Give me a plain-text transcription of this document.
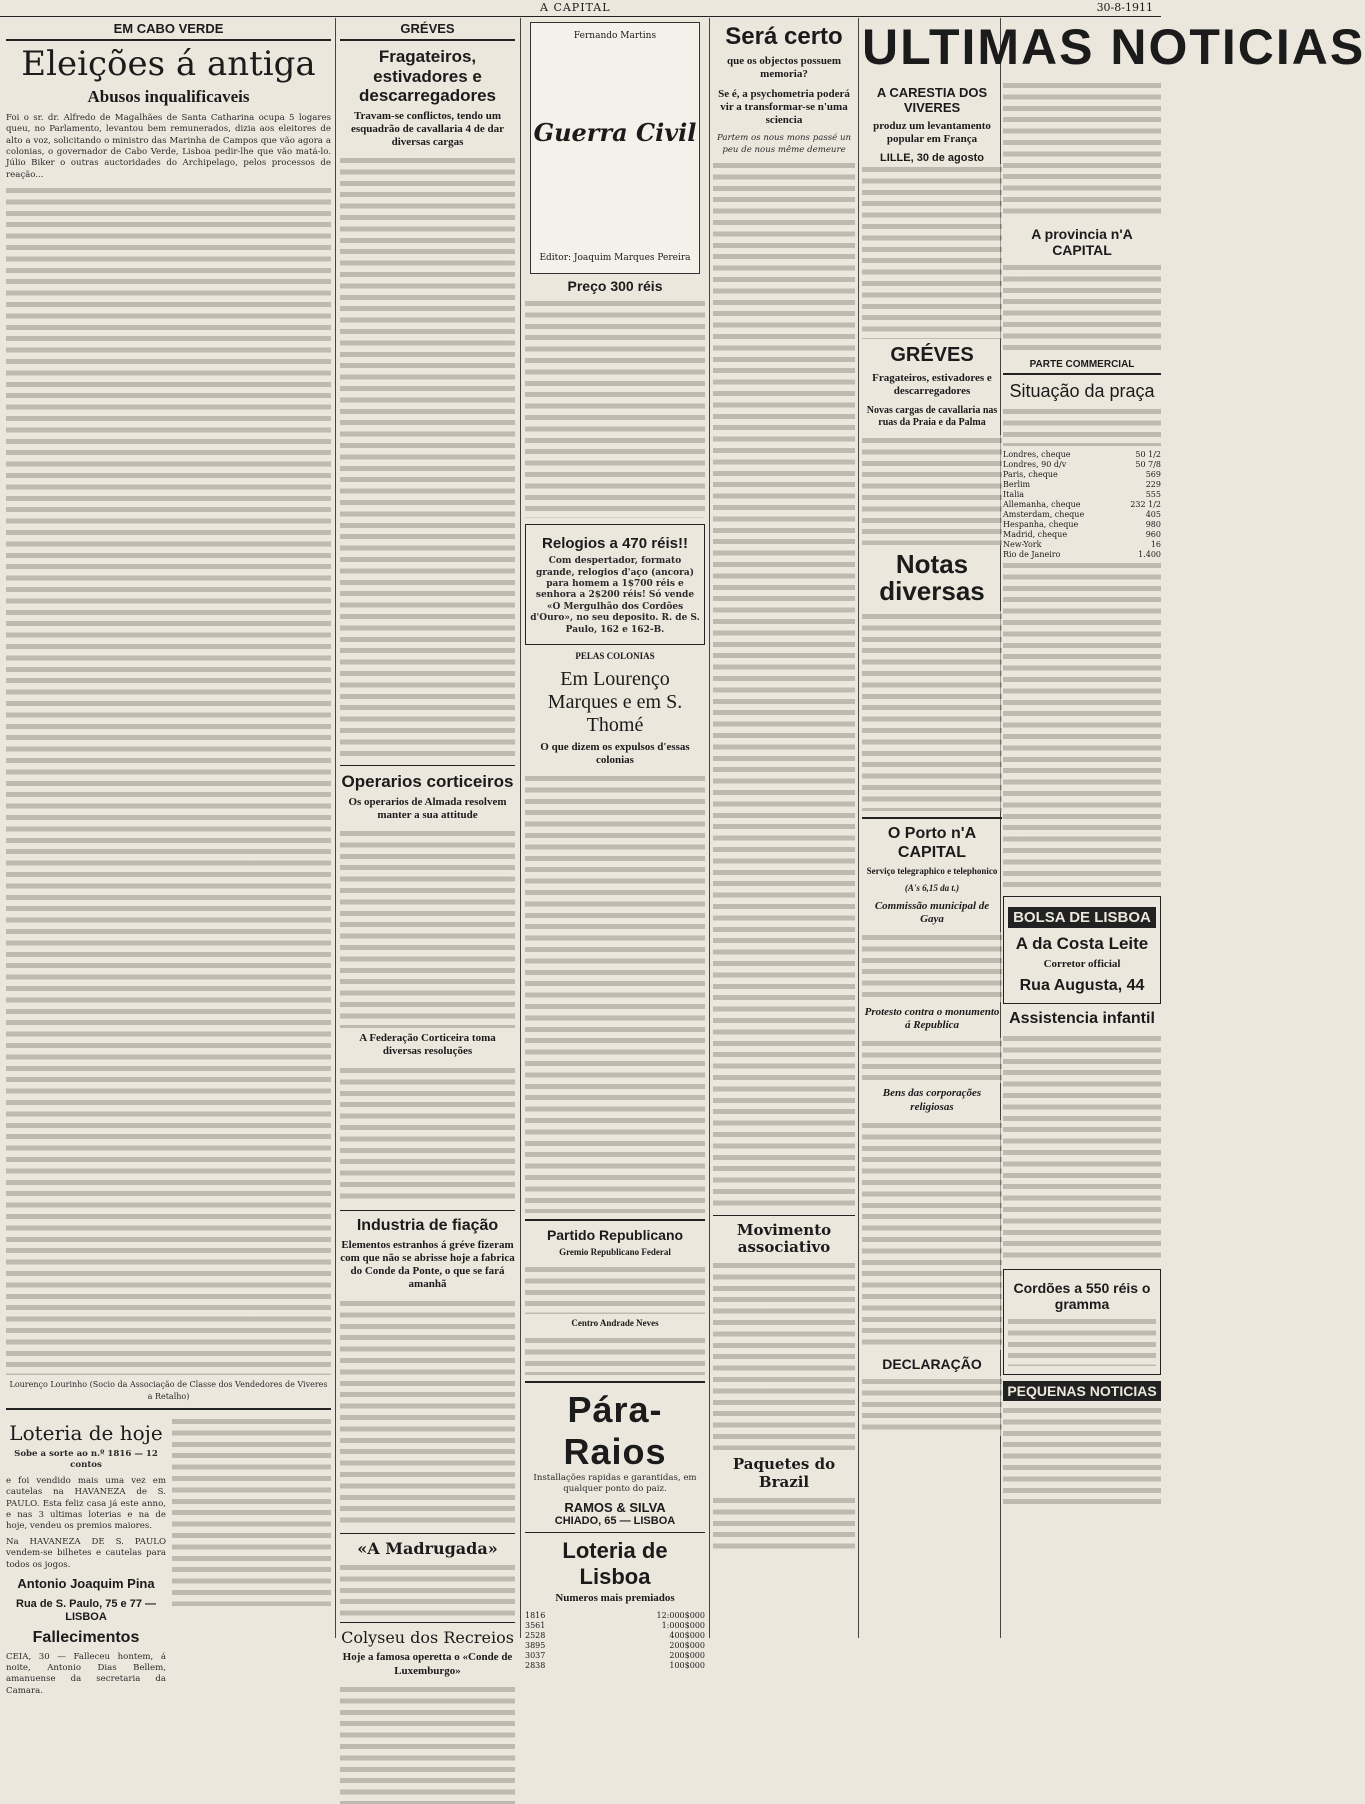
A CAPITAL	30-8-1911
EM CABO VERDE
Eleições á antiga
Abusos inqualificaveis
Foi o sr. dr. Alfredo de Magalhães de Santa Catharina ocupa 5 logares queu, no Parlamento, levantou bem remunerados, dizia aos eleitores de alto a voz, solicitando o ministro das Marinha de Campos que vão agora a colonias, o governador de Cabo Verde, Lisboa pedir-lhe que vão matá-lo. Júlio Biker o outras auctoridades do Archipelago, pelos processos de reação...
Lourenço Lourinho (Socio da Associação de Classe dos Vendedores de Viveres a Retalho)
Loteria de hoje
Sobe a sorte ao n.º 1816 — 12 contos
e foi vendido mais uma vez em cautelas na HAVANEZA de S. PAULO. Esta feliz casa já este anno, e nas 3 ultimas loterias e na de hoje, vendeu os premios maiores.
Na HAVANEZA DE S. PAULO vendem-se bilhetes e cautelas para todos os jogos.
Antonio Joaquim Pina
Rua de S. Paulo, 75 e 77 — LISBOA
Fallecimentos
CEIA, 30 — Falleceu hontem, á noite, Antonio Dias Bellem, amanuense da secretaria da Camara.
GRÉVES
Fragateiros, estivadores e descarregadores
Travam-se conflictos, tendo um esquadrão de cavallaria 4 de dar diversas cargas
Operarios corticeiros
Os operarios de Almada resolvem manter a sua attitude
A Federação Corticeira toma diversas resoluções
Industria de fiação
Elementos estranhos á gréve fizeram com que não se abrisse hoje a fabrica do Conde da Ponte, o que se fará amanhã
«A Madrugada»
Colyseu dos Recreios
Hoje a famosa operetta o «Conde de Luxemburgo»
Fernando Martins
Guerra Civil
Editor: Joaquim Marques Pereira
Preço 300 réis
Relogios a 470 réis!!
Com despertador, formato grande, relogios d'aço (ancora) para homem a 1$700 réis e senhora a 2$200 réis! Só vende «O Mergulhão dos Cordões d'Ouro», no seu deposito. R. de S. Paulo, 162 e 162-B.
PELAS COLONIAS
Em Lourenço Marques e em S. Thomé
O que dizem os expulsos d'essas colonias
Partido Republicano
Gremio Republicano Federal
Centro Andrade Neves
Pára-Raios
Installações rapidas e garantidas, em qualquer ponto do paiz.
RAMOS & SILVA
CHIADO, 65 — LISBOA
Loteria de Lisboa
Numeros mais premiados
1816	12:000$000
3561	1:000$000
2528	400$000
3895	200$000
3037	200$000
2838	100$000
Será certo
que os objectos possuem memoria?
Se é, a psychometria poderá vir a transformar-se n'uma sciencia
Partem os nous mons passé un peu de nous même demeure
Movimento associativo
Paquetes do Brazil
ULTIMAS NOTICIAS
A CARESTIA DOS VIVERES
produz um levantamento popular em França
LILLE, 30 de agosto
GRÉVES
Fragateiros, estivadores e descarregadores
Novas cargas de cavallaria nas ruas da Praia e da Palma
Notas diversas
O Porto n'A CAPITAL
Serviço telegraphico e telephonico
(A's 6,15 da t.)
Commissão municipal de Gaya
Protesto contra o monumento á Republica
Bens das corporações religiosas
DECLARAÇÃO
A provincia n'A CAPITAL
PARTE COMMERCIAL
Situação da praça
Londres, cheque	50 1/2
Londres, 90 d/v	50 7/8
Paris, cheque	569
Berlim	229
Italia	555
Allemanha, cheque	232 1/2
Amsterdam, cheque	405
Hespanha, cheque	980
Madrid, cheque	960
New-York	16
Rio de Janeiro	1.400
BOLSA DE LISBOA
A da Costa Leite
Corretor official
Rua Augusta, 44
Assistencia infantil
Cordões a 550 réis o gramma
PEQUENAS NOTICIAS
